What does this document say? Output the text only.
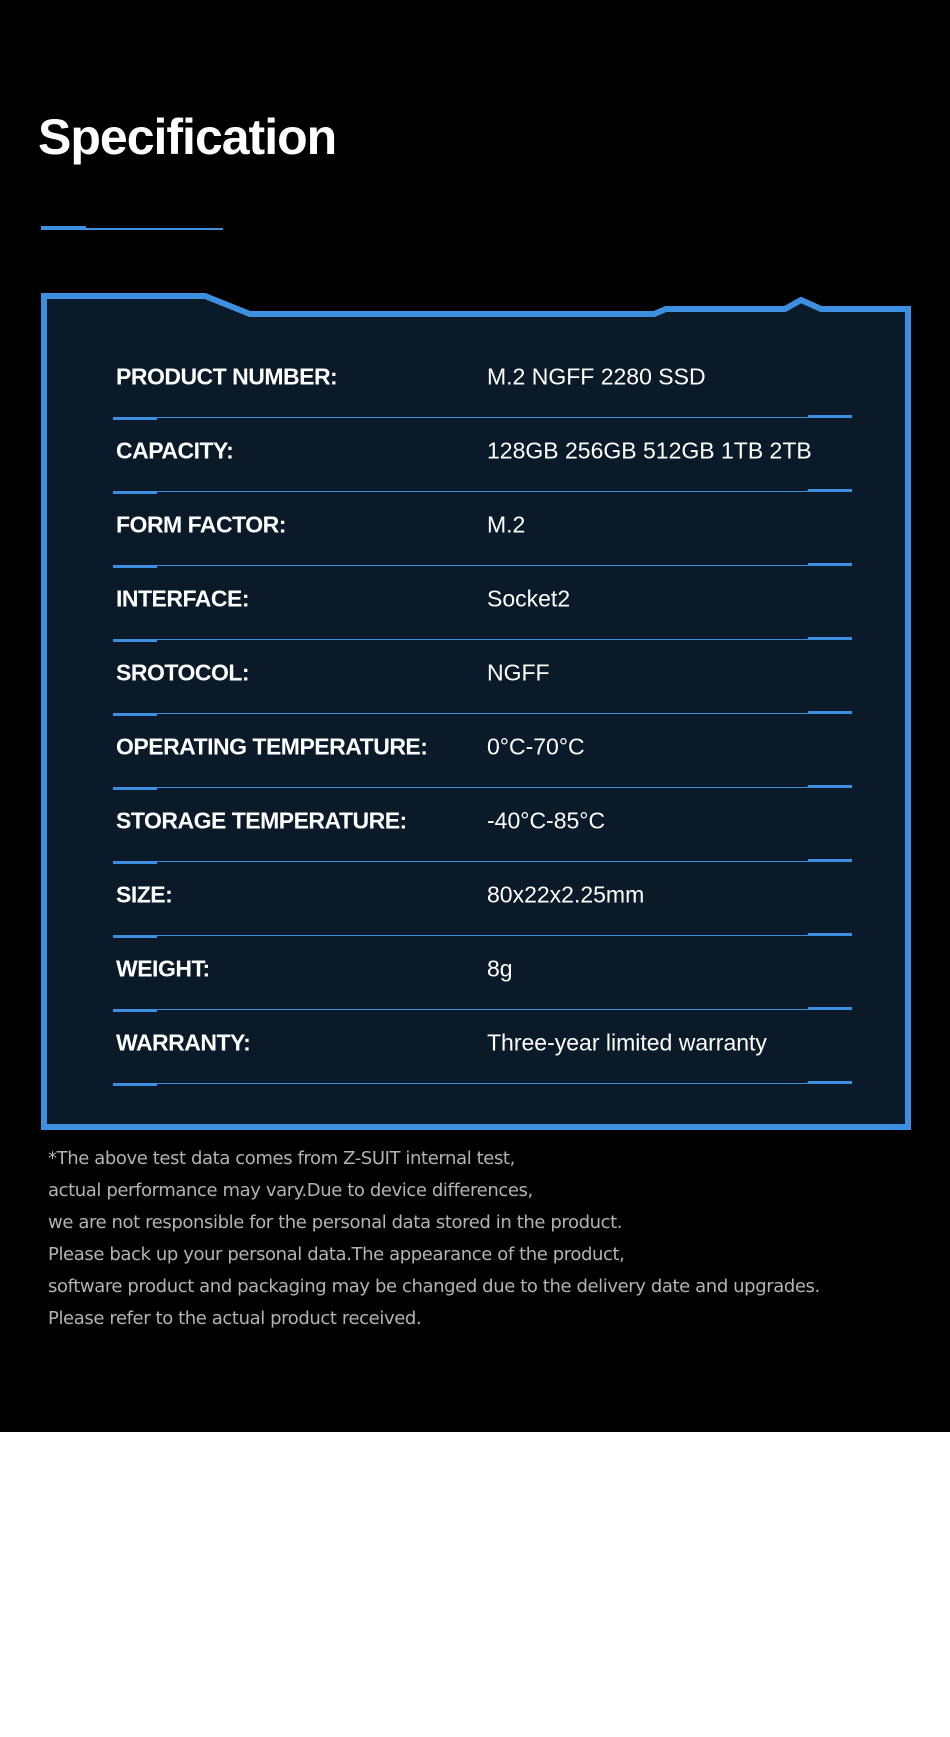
Specification
PRODUCT NUMBER:	M.2 NGFF 2280 SSD
CAPACITY:	128GB 256GB 512GB 1TB 2TB
FORM FACTOR:	M.2
INTERFACE:	Socket2
SROTOCOL:	NGFF
OPERATING TEMPERATURE:	0°C-70°C
STORAGE TEMPERATURE:	-40°C-85°C
SIZE:	80x22x2.25mm
WEIGHT:	8g
WARRANTY:	Three-year limited warranty

*The above test data comes from Z-SUIT internal test,

actual performance may vary.Due to device differences,

we are not responsible for the personal data stored in the product.

Please back up your personal data.The appearance of the product,

software product and packaging may be changed due to the delivery date and upgrades.

Please refer to the actual product received.
